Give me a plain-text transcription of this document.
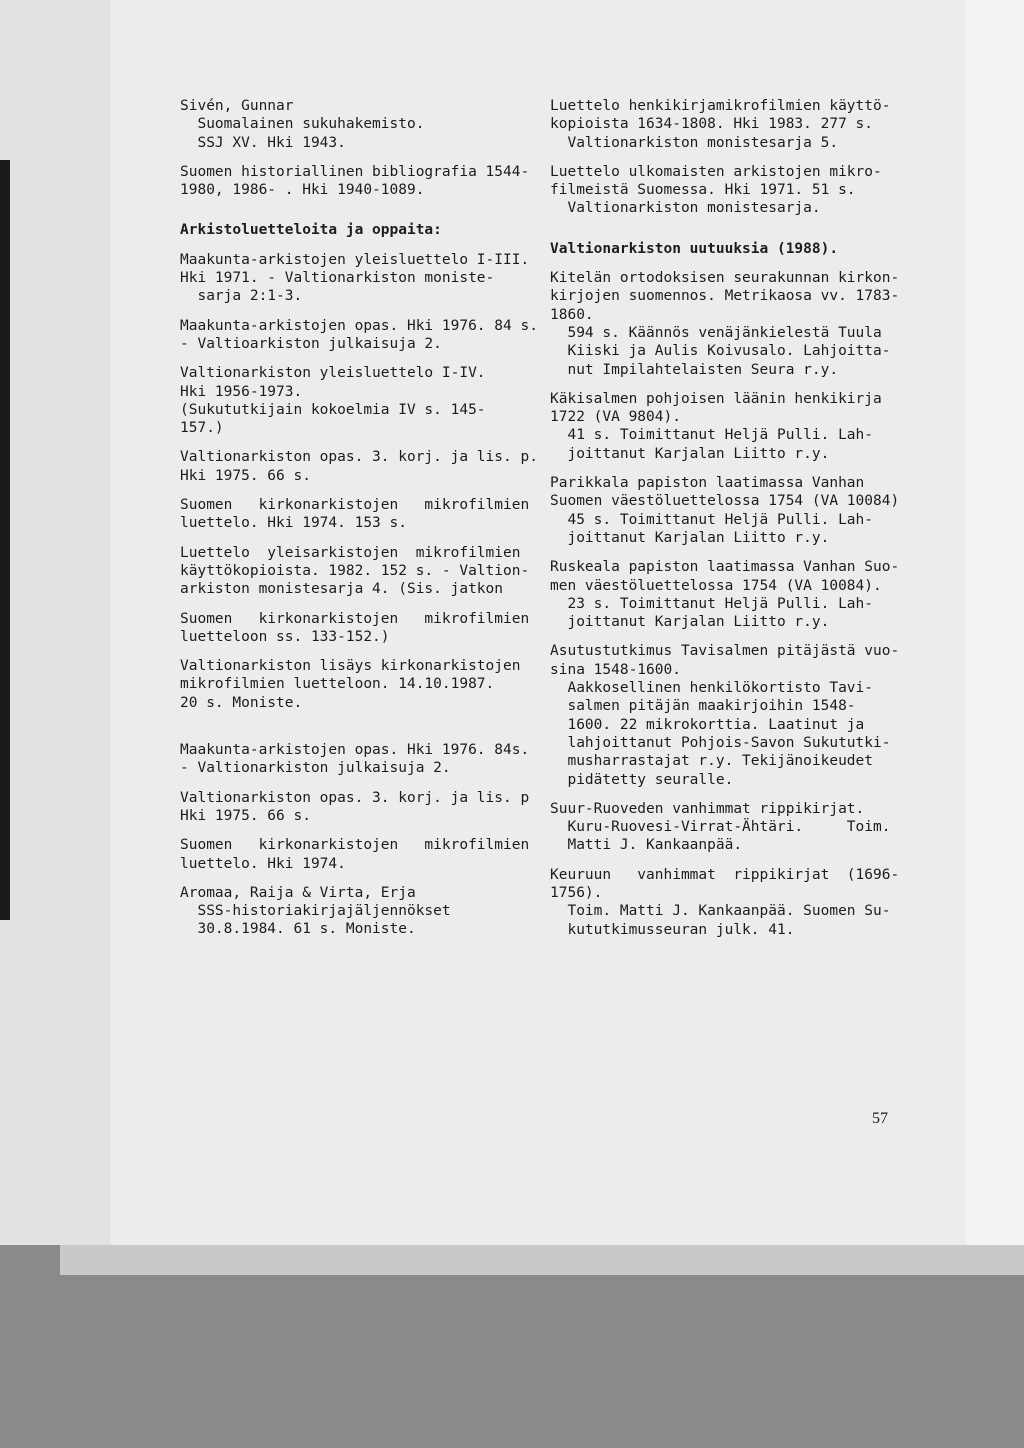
Sivén, Gunnar
Suomalainen sukuhakemisto.
SSJ XV. Hki 1943.
Suomen historiallinen bibliografia 1544-
1980, 1986- . Hki 1940-1089.
Arkistoluetteloita ja oppaita:
Maakunta-arkistojen yleisluettelo I-III.
Hki 1971. - Valtionarkiston moniste-
sarja 2:1-3.
Maakunta-arkistojen opas. Hki 1976. 84 s.
- Valtioarkiston julkaisuja 2.
Valtionarkiston yleisluettelo I-IV.
Hki 1956-1973.
(Sukututkijain kokoelmia IV s. 145-
157.)
Valtionarkiston opas. 3. korj. ja lis. p.
Hki 1975. 66 s.
Suomen   kirkonarkistojen   mikrofilmien
luettelo. Hki 1974. 153 s.
Luettelo  yleisarkistojen  mikrofilmien
käyttökopioista. 1982. 152 s. - Valtion-
arkiston monistesarja 4. (Sis. jatkon
Suomen   kirkonarkistojen   mikrofilmien
luetteloon ss. 133-152.)
Valtionarkiston lisäys kirkonarkistojen
mikrofilmien luetteloon. 14.10.1987.
20 s. Moniste.
Maakunta-arkistojen opas. Hki 1976. 84s.
- Valtionarkiston julkaisuja 2.
Valtionarkiston opas. 3. korj. ja lis. p
Hki 1975. 66 s.
Suomen   kirkonarkistojen   mikrofilmien
luettelo. Hki 1974.
Aromaa, Raija & Virta, Erja
SSS-historiakirjajäljennökset
30.8.1984. 61 s. Moniste.
Luettelo henkikirjamikrofilmien käyttö-
kopioista 1634-1808. Hki 1983. 277 s.
Valtionarkiston monistesarja 5.
Luettelo ulkomaisten arkistojen mikro-
filmeistä Suomessa. Hki 1971. 51 s.
Valtionarkiston monistesarja.
Valtionarkiston uutuuksia (1988).
Kitelän ortodoksisen seurakunnan kirkon-
kirjojen suomennos. Metrikaosa vv. 1783-
1860.
594 s. Käännös venäjänkielestä Tuula
Kiiski ja Aulis Koivusalo. Lahjoitta-
nut Impilahtelaisten Seura r.y.
Käkisalmen pohjoisen läänin henkikirja
1722 (VA 9804).
41 s. Toimittanut Heljä Pulli. Lah-
joittanut Karjalan Liitto r.y.
Parikkala papiston laatimassa Vanhan
Suomen väestöluettelossa 1754 (VA 10084)
45 s. Toimittanut Heljä Pulli. Lah-
joittanut Karjalan Liitto r.y.
Ruskeala papiston laatimassa Vanhan Suo-
men väestöluettelossa 1754 (VA 10084).
23 s. Toimittanut Heljä Pulli. Lah-
joittanut Karjalan Liitto r.y.
Asutustutkimus Tavisalmen pitäjästä vuo-
sina 1548-1600.
Aakkosellinen henkilökortisto Tavi-
salmen pitäjän maakirjoihin 1548-
1600. 22 mikrokorttia. Laatinut ja
lahjoittanut Pohjois-Savon Sukututki-
musharrastajat r.y. Tekijänoikeudet
pidätetty seuralle.
Suur-Ruoveden vanhimmat rippikirjat.
Kuru-Ruovesi-Virrat-Ähtäri.     Toim.
Matti J. Kankaanpää.
Keuruun   vanhimmat  rippikirjat  (1696-
1756).
Toim. Matti J. Kankaanpää. Suomen Su-
kututkimusseuran julk. 41.
57
